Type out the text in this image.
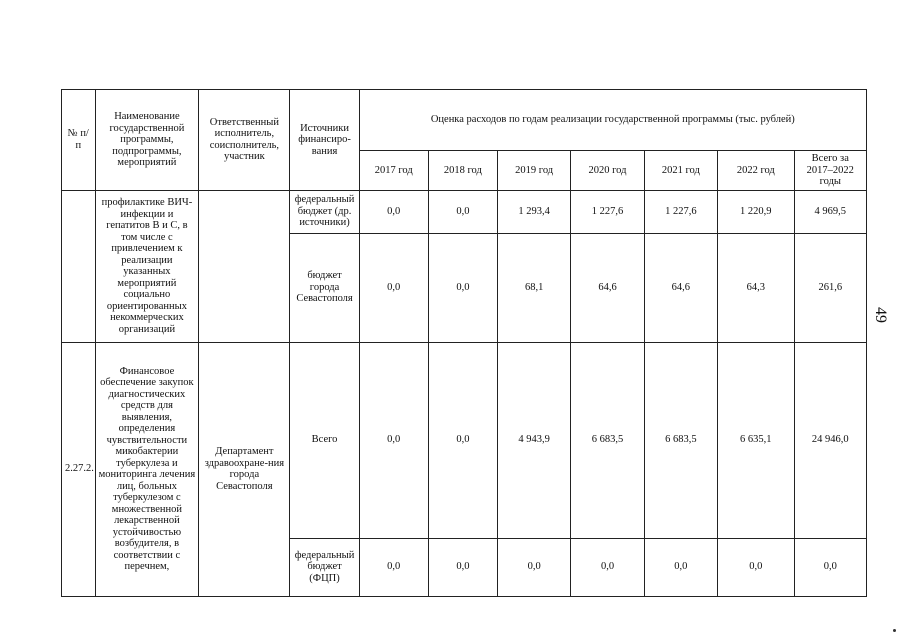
№ п/п	Наименование государственной программы, подпрограммы, мероприятий	Ответственный исполнитель, соисполнитель, участник	Источники финансиро-вания	Оценка расходов по годам реализации государственной программы (тыс. рублей)						
				2017 год	2018 год	2019 год	2020 год	2021 год	2022 год	Всего за 2017–2022 годы
	профилактике ВИЧ-инфекции и гепатитов В и С, в том числе с привлечением к реализации указанных мероприятий социально ориентированных некоммерческих организаций		федеральный бюджет (др. источники)	0,0	0,0	1 293,4	1 227,6	1 227,6	1 220,9	4 969,5
			бюджет города Севастополя	0,0	0,0	68,1	64,6	64,6	64,3	261,6
2.27.2.	Финансовое обеспечение закупок диагностических средств для выявления, определения чувствительности микобактерии туберкулеза и мониторинга лечения лиц, больных туберкулезом с множественной лекарственной устойчивостью возбудителя, в соответствии с перечнем,	Департамент здравоохране-ния города Севастополя	Всего	0,0	0,0	4 943,9	6 683,5	6 683,5	6 635,1	24 946,0
			федеральный бюджет (ФЦП)	0,0	0,0	0,0	0,0	0,0	0,0	0,0
49
